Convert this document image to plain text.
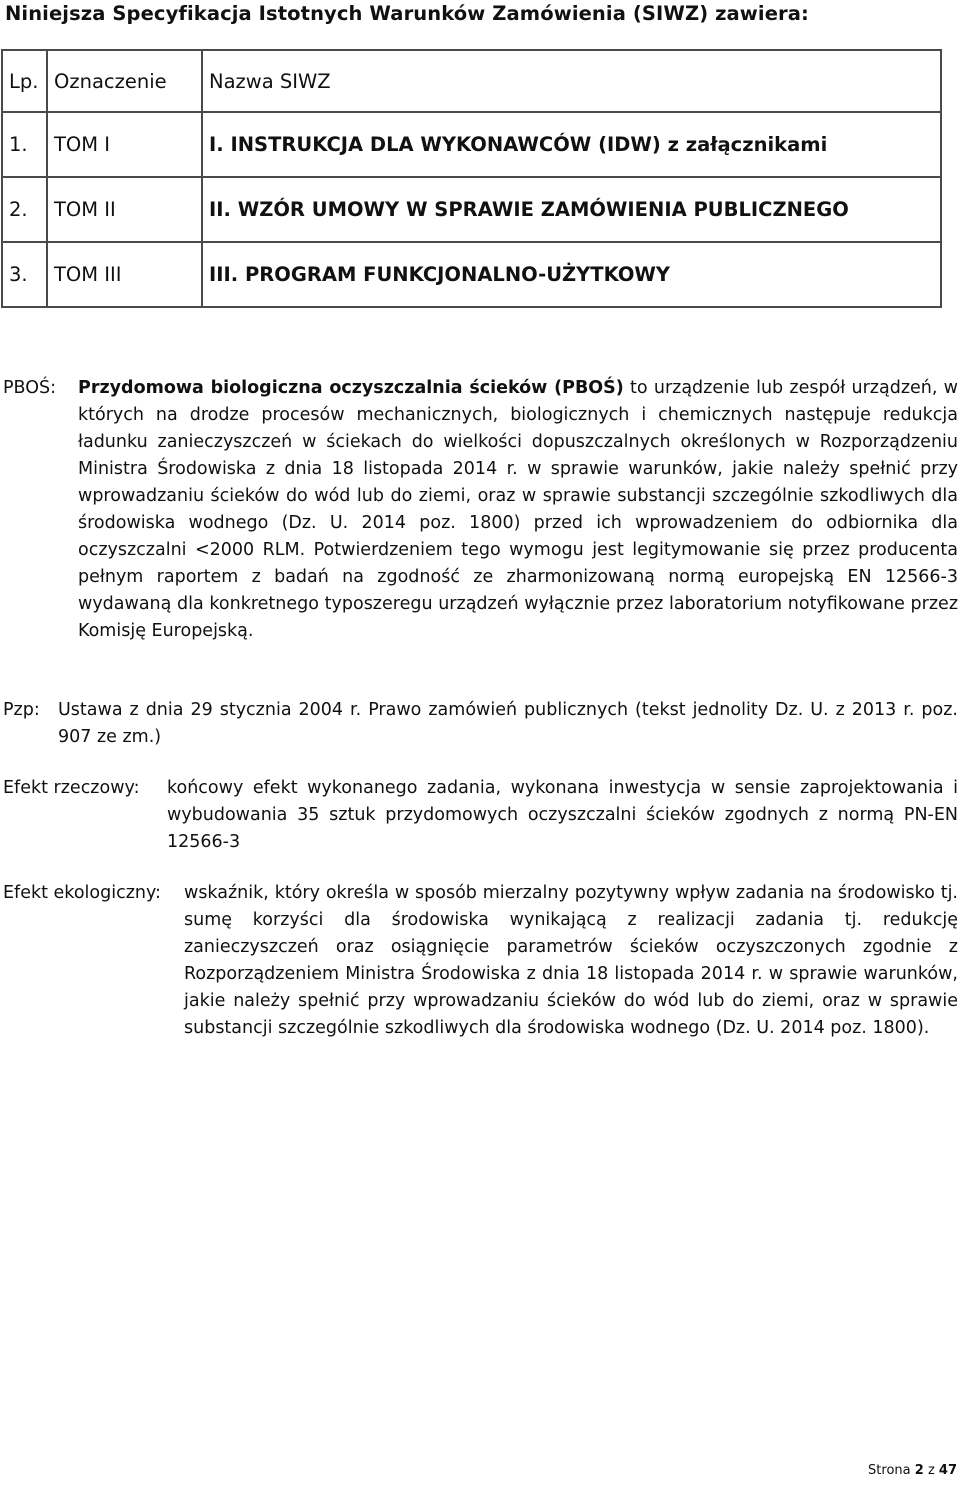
Niniejsza Specyfikacja Istotnych Warunków Zamówienia (SIWZ) zawiera:
Lp.	Oznaczenie	Nazwa SIWZ
1.	TOM I	I. INSTRUKCJA DLA WYKONAWCÓW (IDW) z załącznikami
2.	TOM II	II. WZÓR UMOWY W SPRAWIE ZAMÓWIENIA PUBLICZNEGO
3.	TOM III	III. PROGRAM FUNKCJONALNO-UŻYTKOWY
PBOŚ:	Przydomowa biologiczna oczyszczalnia ścieków (PBOŚ) to urządzenie lub zespół urządzeń, w których na drodze procesów mechanicznych, biologicznych i chemicznych następuje redukcja ładunku zanieczyszczeń w ściekach do wielkości dopuszczalnych określonych w Rozporządzeniu Ministra Środowiska z dnia 18 listopada 2014 r. w sprawie warunków, jakie należy spełnić przy wprowadzaniu ścieków do wód lub do ziemi, oraz w sprawie substancji szczególnie szkodliwych dla środowiska wodnego (Dz. U. 2014 poz. 1800) przed ich wprowadzeniem do odbiornika dla oczyszczalni <2000 RLM. Potwierdzeniem tego wymogu jest legitymowanie się przez producenta pełnym raportem z badań na zgodność ze zharmonizowaną normą europejską EN 12566-3 wydawaną dla konkretnego typoszeregu urządzeń wyłącznie przez laboratorium notyfikowane przez Komisję Europejską.
Pzp:	Ustawa z dnia 29 stycznia 2004 r. Prawo zamówień publicznych (tekst jednolity Dz. U. z 2013 r. poz. 907 ze zm.)
Efekt rzeczowy:	końcowy efekt wykonanego zadania, wykonana inwestycja w sensie zaprojektowania i wybudowania 35 sztuk przydomowych oczyszczalni ścieków zgodnych z normą PN-EN 12566-3
Efekt ekologiczny:	wskaźnik, który określa w sposób mierzalny pozytywny wpływ zadania na środowisko tj. sumę korzyści dla środowiska wynikającą z realizacji zadania tj. redukcję zanieczyszczeń oraz osiągnięcie parametrów ścieków oczyszczonych zgodnie z Rozporządzeniem Ministra Środowiska z dnia 18 listopada 2014 r. w sprawie warunków, jakie należy spełnić przy wprowadzaniu ścieków do wód lub do ziemi, oraz w sprawie substancji szczególnie szkodliwych dla środowiska wodnego (Dz. U. 2014 poz. 1800).
Strona 2 z 47
